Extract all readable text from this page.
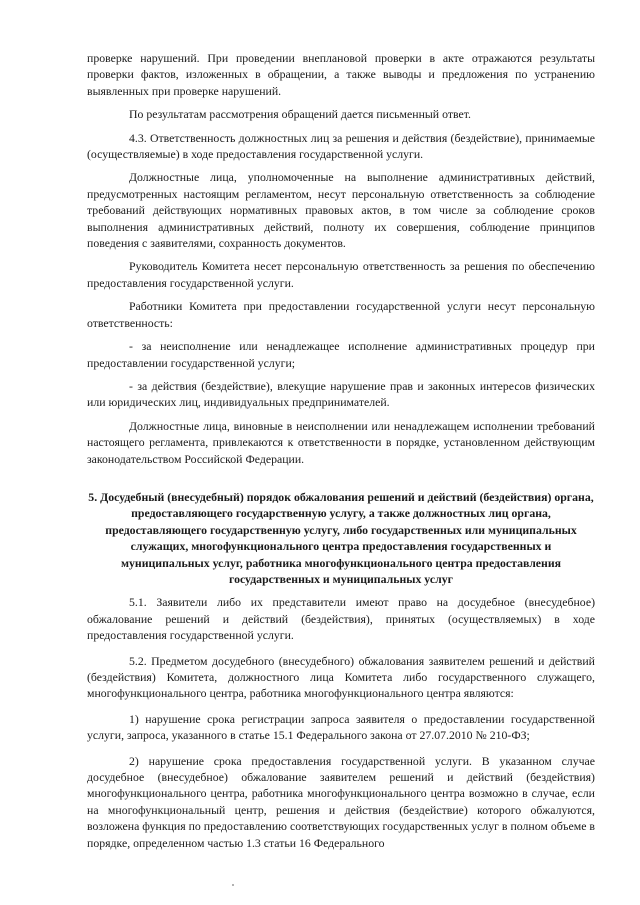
проверке нарушений. При проведении внеплановой проверки в акте отражаются результаты проверки фактов, изложенных в обращении, а также выводы и предложения по устранению выявленных при проверке нарушений.

По результатам рассмотрения обращений дается письменный ответ.

4.3. Ответственность должностных лиц за решения и действия (бездействие), принимаемые (осуществляемые) в ходе предоставления государственной услуги.

Должностные лица, уполномоченные на выполнение административных действий, предусмотренных настоящим регламентом, несут персональную ответственность за соблюдение требований действующих нормативных правовых актов, в том числе за соблюдение сроков выполнения административных действий, полноту их совершения, соблюдение принципов поведения с заявителями, сохранность документов.

Руководитель Комитета несет персональную ответственность за решения по обеспечению предоставления государственной услуги.

Работники Комитета при предоставлении государственной услуги несут персональную ответственность:

- за неисполнение или ненадлежащее исполнение административных процедур при предоставлении государственной услуги;

- за действия (бездействие), влекущие нарушение прав и законных интересов физических или юридических лиц, индивидуальных предпринимателей.

Должностные лица, виновные в неисполнении или ненадлежащем исполнении требований настоящего регламента, привлекаются к ответственности в порядке, установленном действующим законодательством Российской Федерации.

5. Досудебный (внесудебный) порядок обжалования решений и действий (бездействия) органа, предоставляющего государственную услугу, а также должностных лиц органа, предоставляющего государственную услугу, либо государственных или муниципальных служащих, многофункционального центра предоставления государственных и муниципальных услуг, работника многофункционального центра предоставления государственных и муниципальных услуг

5.1. Заявители либо их представители имеют право на досудебное (внесудебное) обжалование решений и действий (бездействия), принятых (осуществляемых) в ходе предоставления государственной услуги.

5.2. Предметом досудебного (внесудебного) обжалования заявителем решений и действий (бездействия) Комитета, должностного лица Комитета либо государственного служащего, многофункционального центра, работника многофункционального центра являются:

1) нарушение срока регистрации запроса заявителя о предоставлении государственной услуги, запроса, указанного в статье 15.1 Федерального закона от 27.07.2010 № 210-ФЗ;

2) нарушение срока предоставления государственной услуги. В указанном случае досудебное (внесудебное) обжалование заявителем решений и действий (бездействия) многофункционального центра, работника многофункционального центра возможно в случае, если на многофункциональный центр, решения и действия (бездействие) которого обжалуются, возложена функция по предоставлению соответствующих государственных услуг в полном объеме в порядке, определенном частью 1.3 статьи 16 Федерального
